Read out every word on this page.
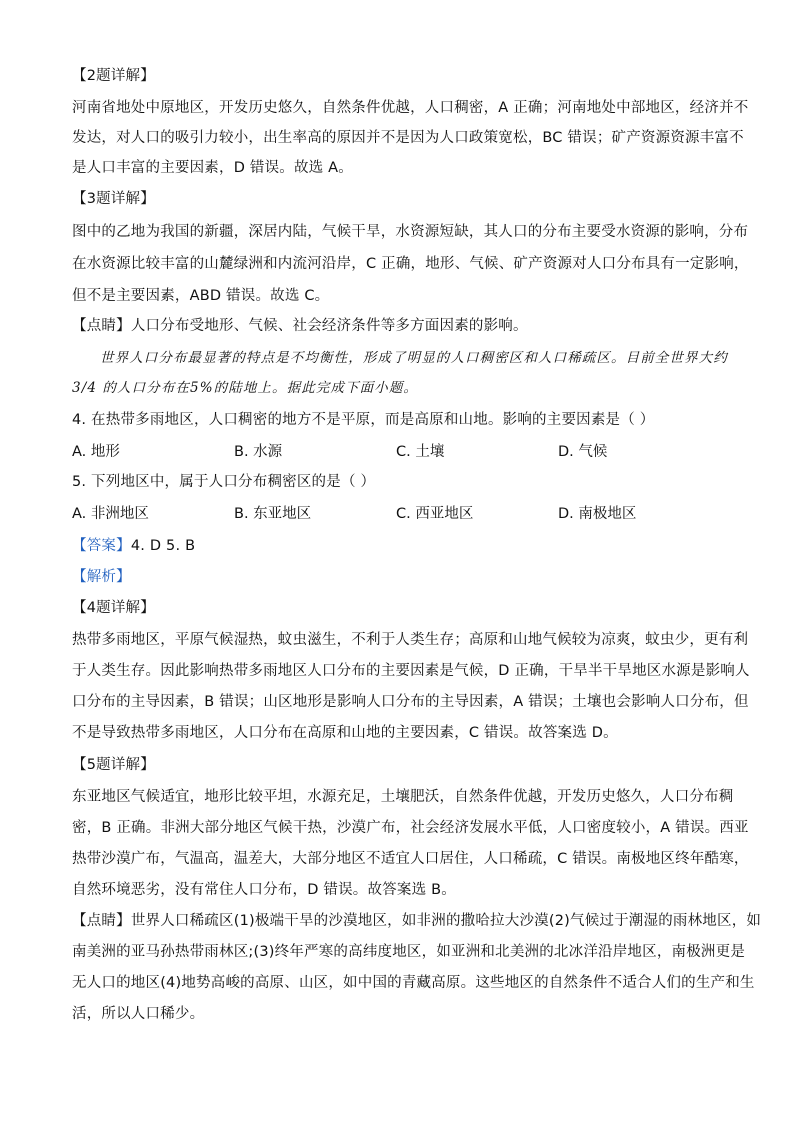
【2题详解】
河南省地处中原地区，开发历史悠久，自然条件优越，人口稠密，A 正确；河南地处中部地区，经济并不
发达，对人口的吸引力较小，出生率高的原因并不是因为人口政策宽松，BC 错误；矿产资源资源丰富不
是人口丰富的主要因素，D 错误。故选 A。
【3题详解】
图中的乙地为我国的新疆，深居内陆，气候干旱，水资源短缺，其人口的分布主要受水资源的影响，分布
在水资源比较丰富的山麓绿洲和内流河沿岸，C 正确，地形、气候、矿产资源对人口分布具有一定影响，
但不是主要因素，ABD 错误。故选 C。
【点睛】人口分布受地形、气候、社会经济条件等多方面因素的影响。
世界人口分布最显著的特点是不均衡性，形成了明显的人口稠密区和人口稀疏区。目前全世界大约
3/4 的人口分布在5%的陆地上。据此完成下面小题。
4. 在热带多雨地区，人口稠密的地方不是平原，而是高原和山地。影响的主要因素是（ ）
A. 地形	B. 水源	C. 土壤	D. 气候
5. 下列地区中，属于人口分布稠密区的是（ ）
A. 非洲地区	B. 东亚地区	C. 西亚地区	D. 南极地区
【答案】4. D 5. B
【解析】
【4题详解】
热带多雨地区，平原气候湿热，蚊虫滋生，不利于人类生存；高原和山地气候较为凉爽，蚊虫少，更有利
于人类生存。因此影响热带多雨地区人口分布的主要因素是气候，D 正确，干旱半干旱地区水源是影响人
口分布的主导因素，B 错误；山区地形是影响人口分布的主导因素，A 错误；土壤也会影响人口分布，但
不是导致热带多雨地区，人口分布在高原和山地的主要因素，C 错误。故答案选 D。
【5题详解】
东亚地区气候适宜，地形比较平坦，水源充足，土壤肥沃，自然条件优越，开发历史悠久，人口分布稠
密，B 正确。非洲大部分地区气候干热，沙漠广布，社会经济发展水平低，人口密度较小，A 错误。西亚
热带沙漠广布，气温高，温差大，大部分地区不适宜人口居住，人口稀疏，C 错误。南极地区终年酷寒，
自然环境恶劣，没有常住人口分布，D 错误。故答案选 B。
【点睛】世界人口稀疏区(1)极端干旱的沙漠地区，如非洲的撒哈拉大沙漠(2)气候过于潮湿的雨林地区，如
南美洲的亚马孙热带雨林区;(3)终年严寒的高纬度地区，如亚洲和北美洲的北冰洋沿岸地区，南极洲更是
无人口的地区(4)地势高峻的高原、山区，如中国的青藏高原。这些地区的自然条件不适合人们的生产和生
活，所以人口稀少。
